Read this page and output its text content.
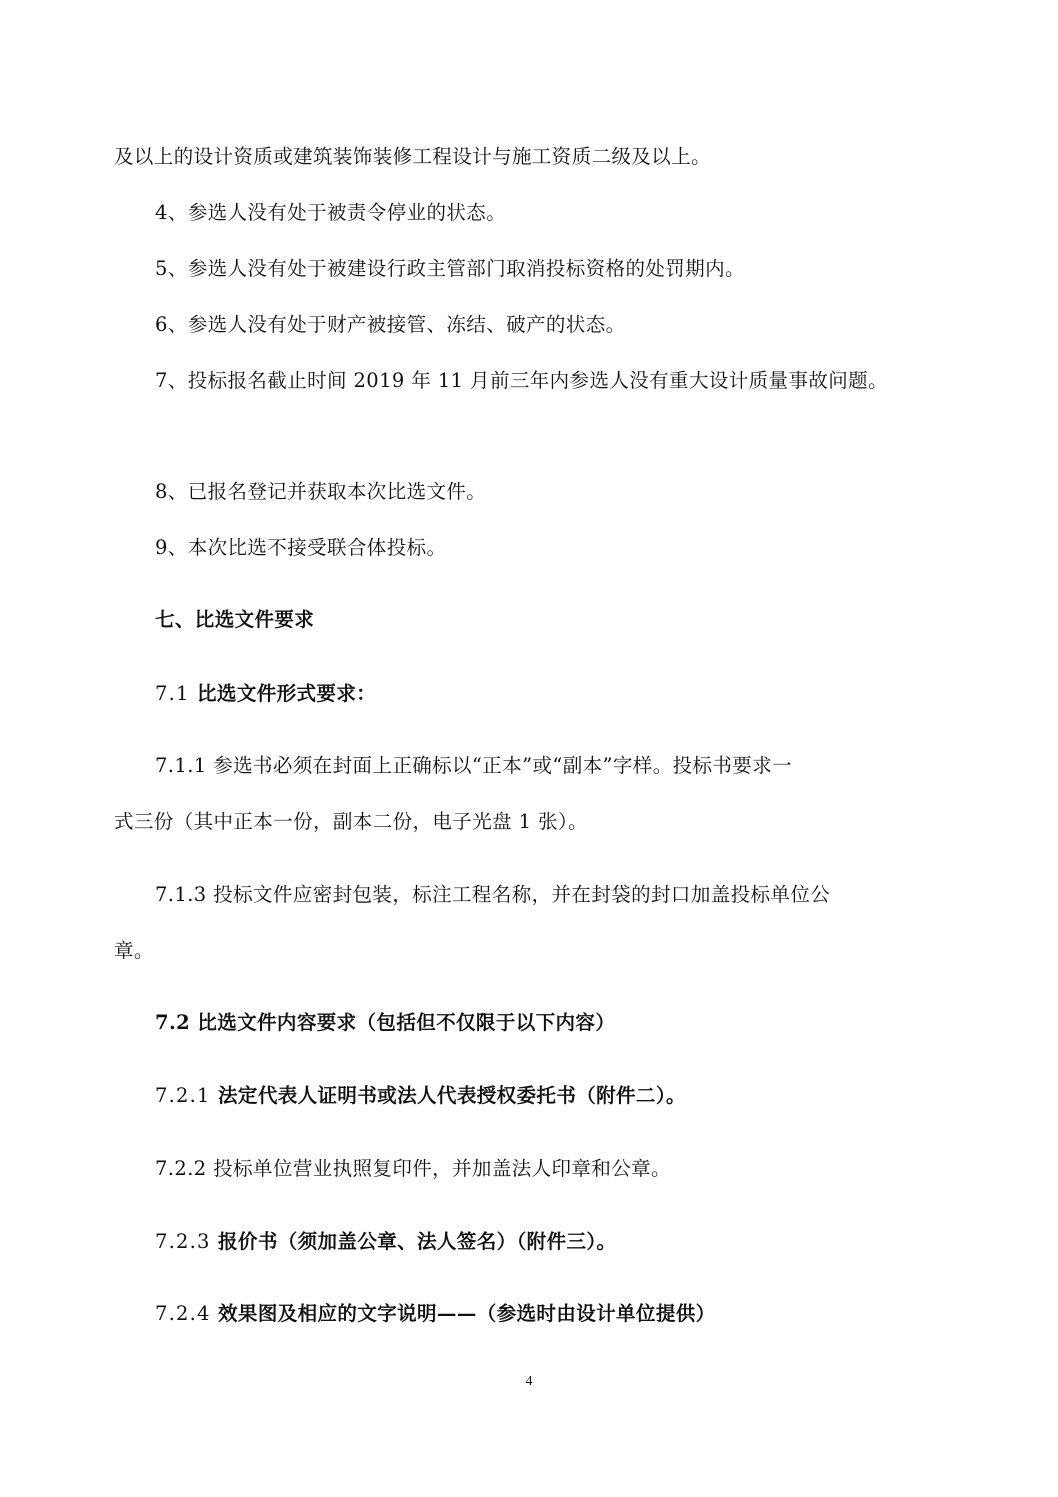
及以上的设计资质或建筑装饰装修工程设计与施工资质二级及以上。
4、参选人没有处于被责令停业的状态。
5、参选人没有处于被建设行政主管部门取消投标资格的处罚期内。
6、参选人没有处于财产被接管、冻结、破产的状态。
7、投标报名截止时间 2019 年 11 月前三年内参选人没有重大设计质量事故问题。
8、已报名登记并获取本次比选文件。
9、本次比选不接受联合体投标。
七、比选文件要求
7.1 比选文件形式要求：
7.1.1 参选书必须在封面上正确标以“正本”或“副本”字样。投标书要求一
式三份（其中正本一份，副本二份，电子光盘 1 张）。
7.1.3 投标文件应密封包装，标注工程名称，并在封袋的封口加盖投标单位公
章。
7.2 比选文件内容要求（包括但不仅限于以下内容）
7.2.1 法定代表人证明书或法人代表授权委托书（附件二）。
7.2.2 投标单位营业执照复印件，并加盖法人印章和公章。
7.2.3 报价书（须加盖公章、法人签名）（附件三）。
7.2.4 效果图及相应的文字说明——（参选时由设计单位提供）
4
